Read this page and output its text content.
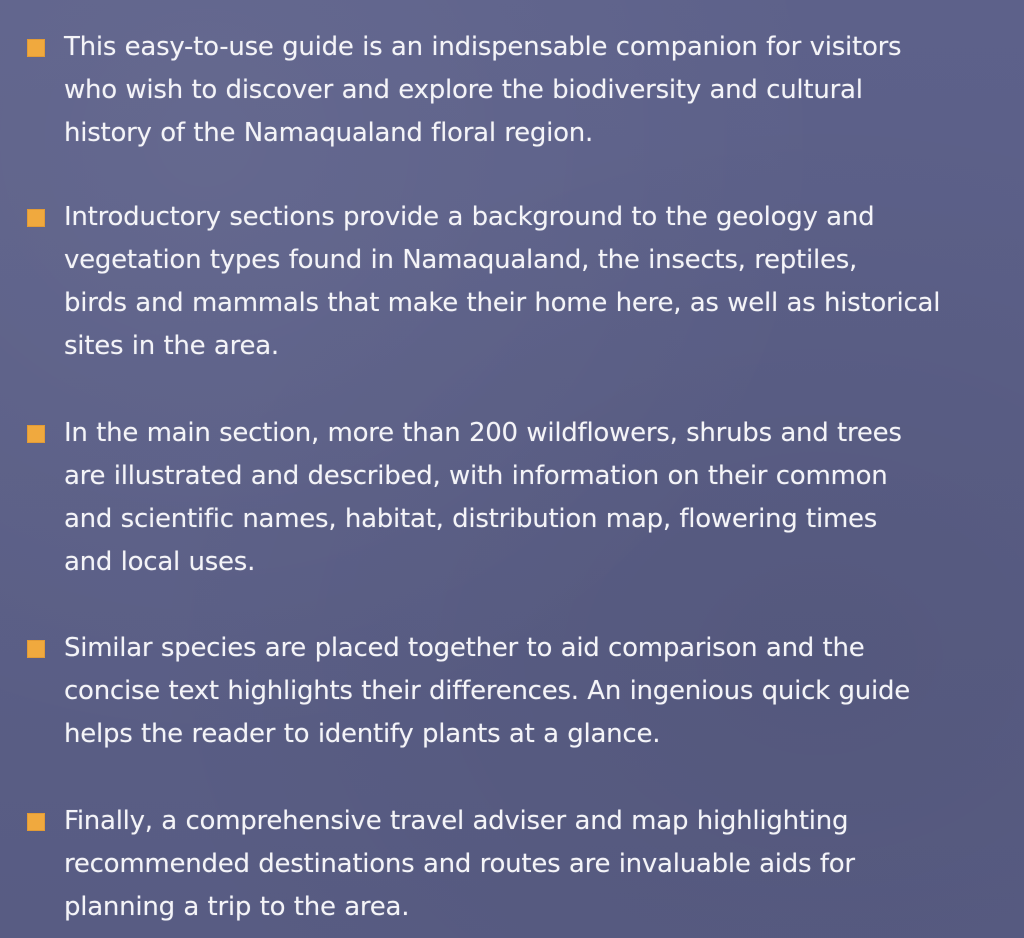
This easy-to-use guide is an indispensable companion for visitors
who wish to discover and explore the biodiversity and cultural
history of the Namaqualand floral region.

Introductory sections provide a background to the geology and
vegetation types found in Namaqualand, the insects, reptiles,
birds and mammals that make their home here, as well as historical
sites in the area.

In the main section, more than 200 wildflowers, shrubs and trees
are illustrated and described, with information on their common
and scientific names, habitat, distribution map, flowering times
and local uses.

Similar species are placed together to aid comparison and the
concise text highlights their differences. An ingenious quick guide
helps the reader to identify plants at a glance.

Finally, a comprehensive travel adviser and map highlighting
recommended destinations and routes are invaluable aids for
planning a trip to the area.
